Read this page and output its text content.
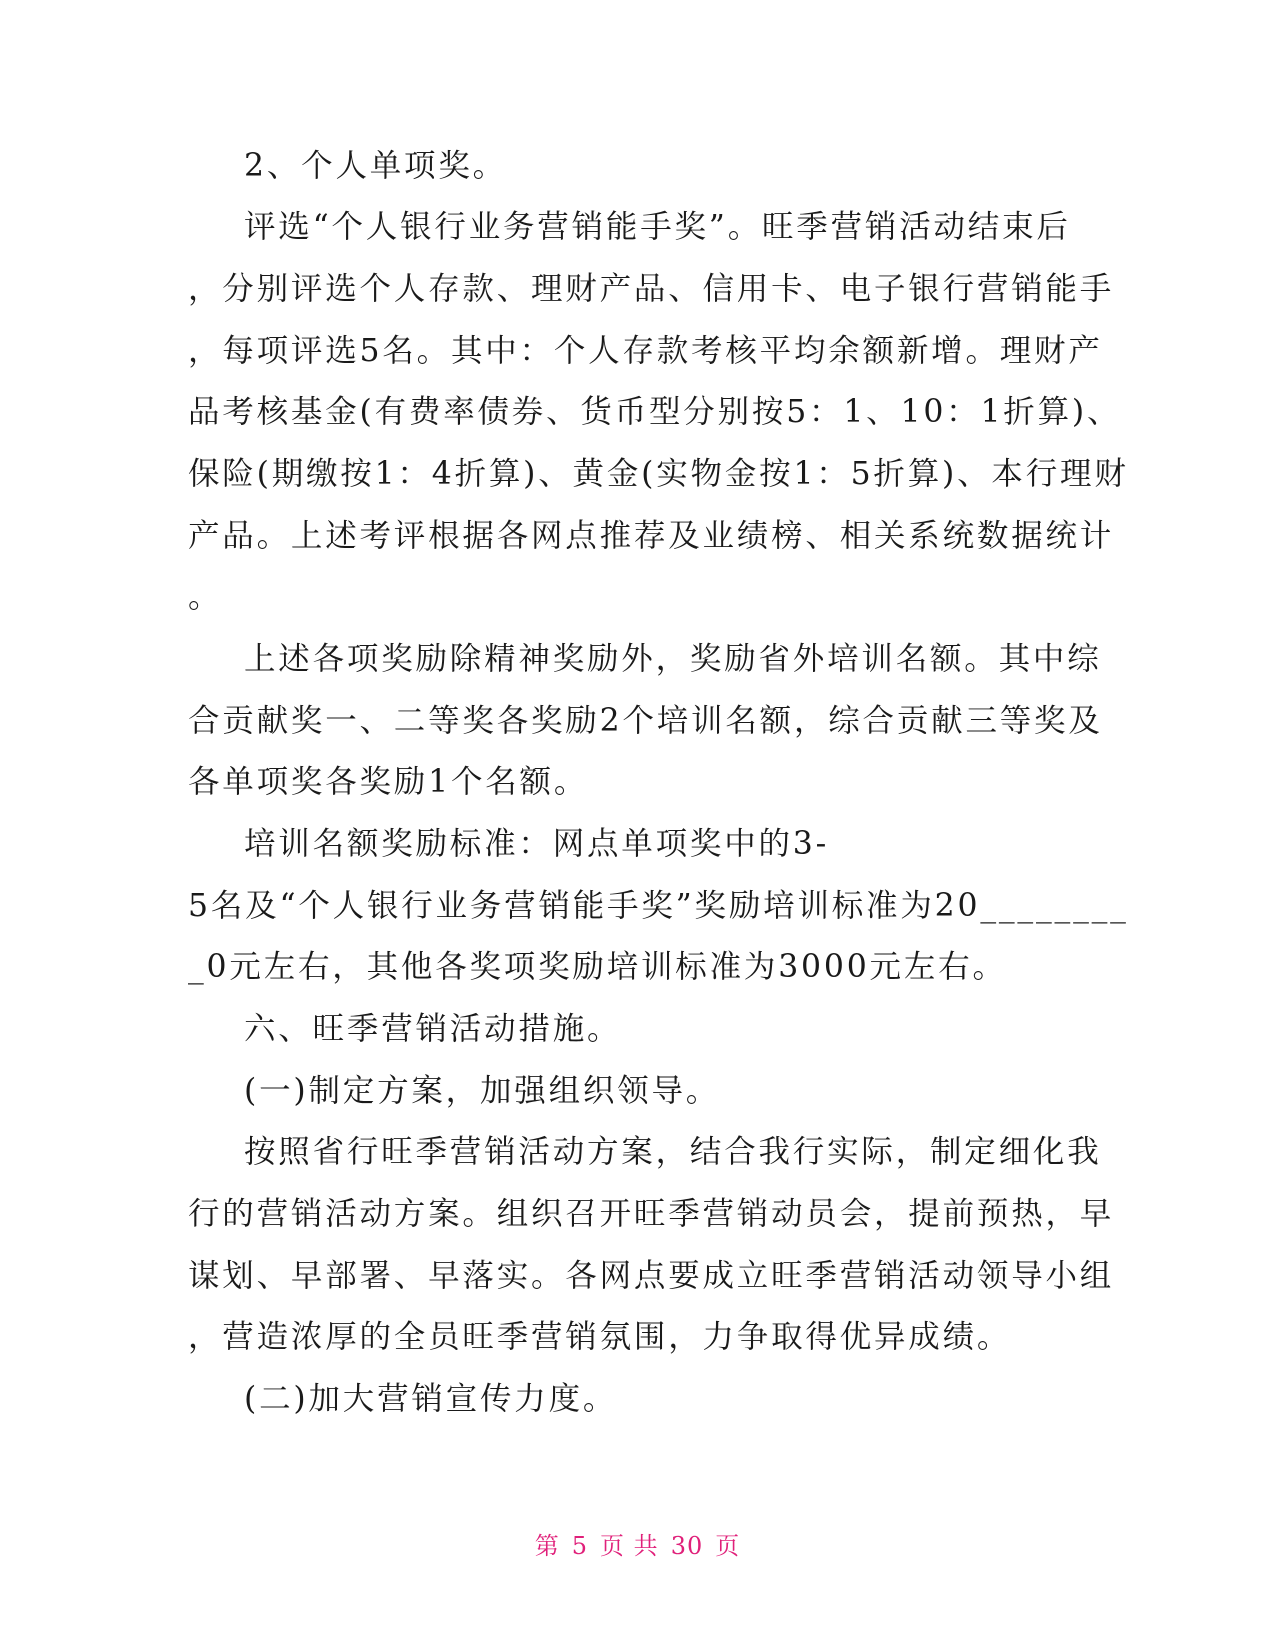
2、个人单项奖。
评选“个人银行业务营销能手奖”。旺季营销活动结束后
，分别评选个人存款、理财产品、信用卡、电子银行营销能手
，每项评选5名。其中：个人存款考核平均余额新增。理财产
品考核基金(有费率债券、货币型分别按5：1、10：1折算)、
保险(期缴按1：4折算)、黄金(实物金按1：5折算)、本行理财
产品。上述考评根据各网点推荐及业绩榜、相关系统数据统计
。
上述各项奖励除精神奖励外，奖励省外培训名额。其中综
合贡献奖一、二等奖各奖励2个培训名额，综合贡献三等奖及
各单项奖各奖励1个名额。
培训名额奖励标准：网点单项奖中的3-
5名及“个人银行业务营销能手奖”奖励培训标准为20________
_0元左右，其他各奖项奖励培训标准为3000元左右。
六、旺季营销活动措施。
(一)制定方案，加强组织领导。
按照省行旺季营销活动方案，结合我行实际，制定细化我
行的营销活动方案。组织召开旺季营销动员会，提前预热，早
谋划、早部署、早落实。各网点要成立旺季营销活动领导小组
，营造浓厚的全员旺季营销氛围，力争取得优异成绩。
(二)加大营销宣传力度。
第 5 页 共 30 页
